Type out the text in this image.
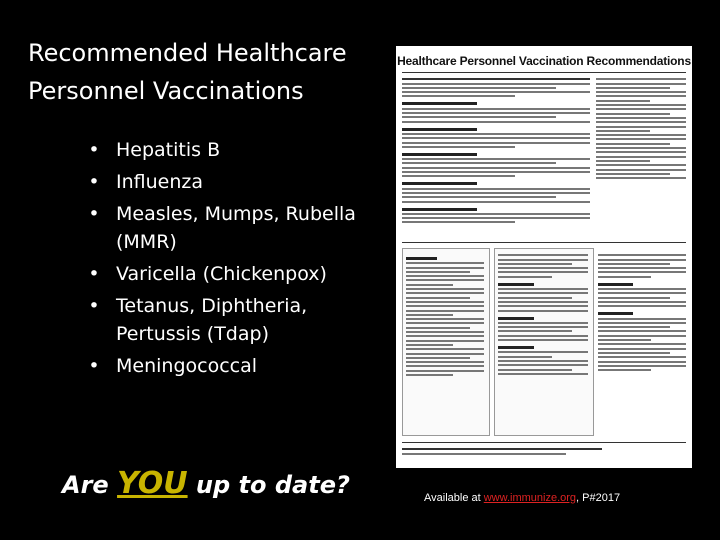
Recommended Healthcare
Personnel Vaccinations
• Hepatitis B
• Influenza
• Measles, Mumps, Rubella (MMR)
• Varicella (Chickenpox)
• Tetanus, Diphtheria, Pertussis (Tdap)
• Meningococcal
Are YOU up to date?
Healthcare Personnel Vaccination Recommendations
Available at www.immunize.org, P#2017
